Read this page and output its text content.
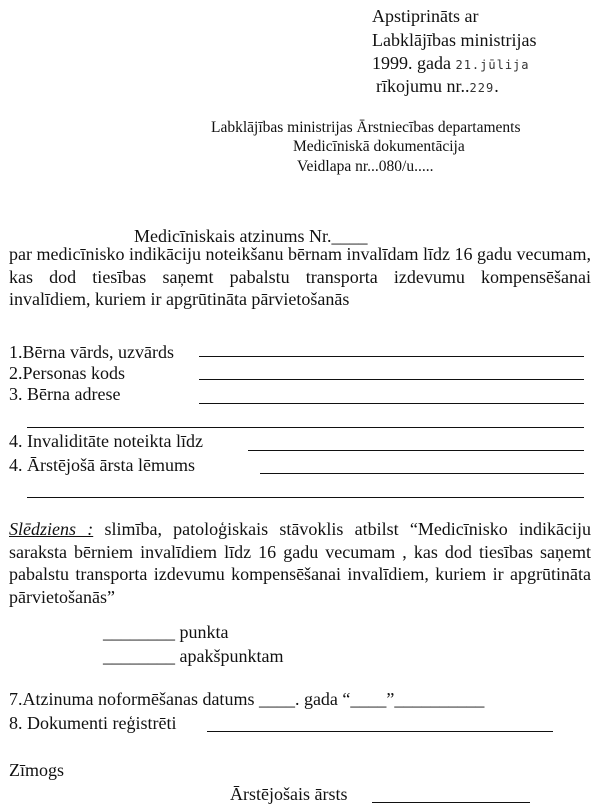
Apstiprināts ar
Labklājības ministrijas
1999. gada 21.jūlija
rīkojumu nr..229.
Labklājības ministrijas Ārstniecības departaments
Medicīniskā dokumentācija
Veidlapa nr...080/u.....
Medicīniskais atzinums Nr.____
par medicīnisko indikāciju noteikšanu bērnam invalīdam līdz 16 gadu vecumam, kas dod tiesības saņemt pabalstu transporta izdevumu kompensēšanai invalīdiem, kuriem ir apgrūtināta pārvietošanās
1.Bērna vārds, uzvārds
2.Personas kods
3. Bērna adrese
4. Invaliditāte noteikta līdz
4. Ārstējošā ārsta lēmums
Slēdziens : slimība, patoloģiskais stāvoklis atbilst “Medicīnisko indikāciju saraksta bērniem invalīdiem līdz 16 gadu vecumam , kas dod tiesības saņemt pabalstu transporta izdevumu kompensēšanai invalīdiem, kuriem ir apgrūtināta pārvietošanās”
________ punkta
________ apakšpunktam
7.Atzinuma noformēšanas datums ____. gada “____”__________
8. Dokumenti reģistrēti
Zīmogs
Ārstējošais ārsts
